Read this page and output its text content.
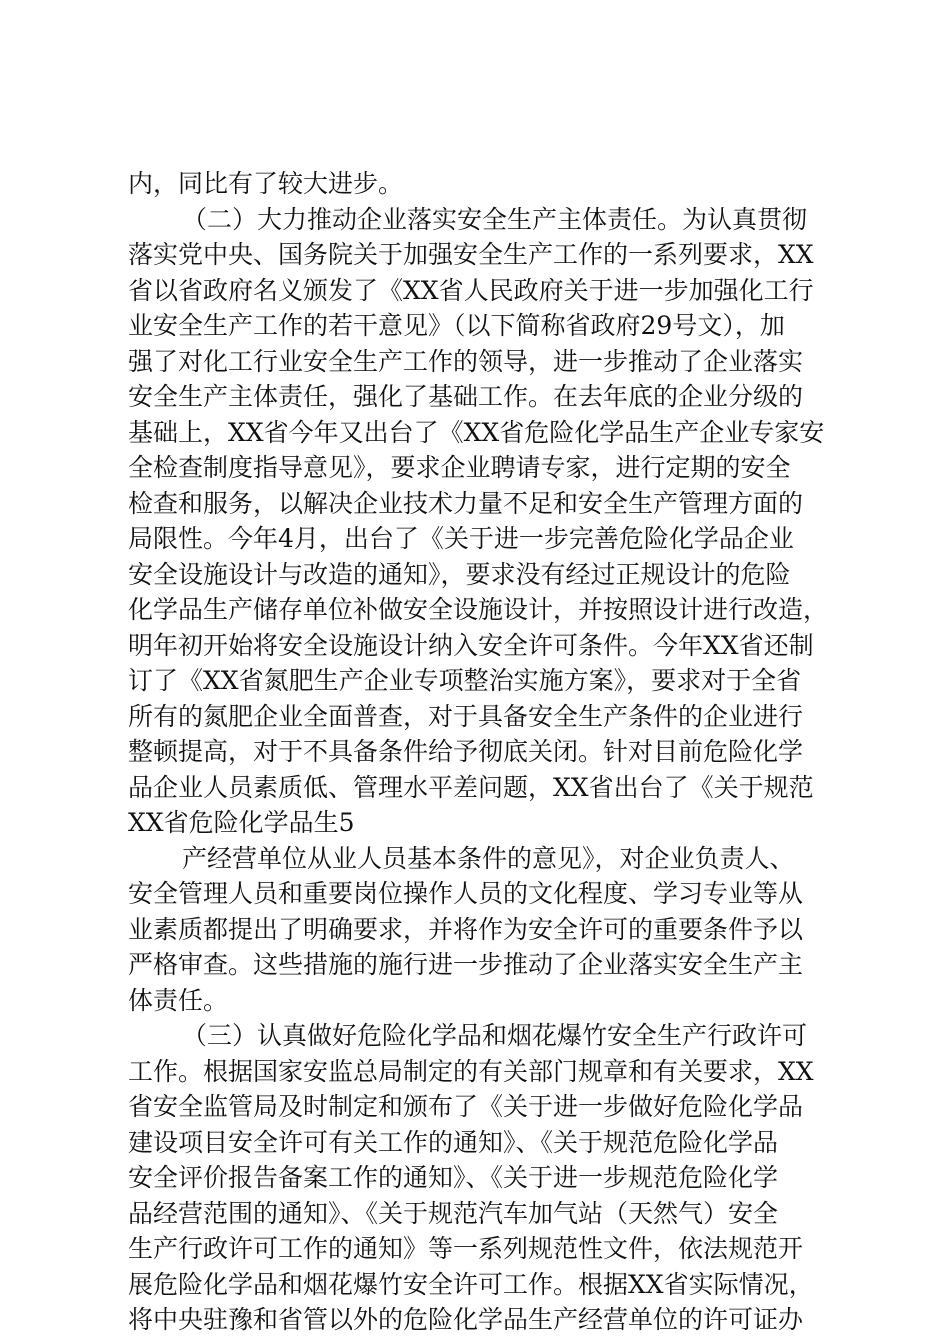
内，同比有了较大进步。
（二）大力推动企业落实安全生产主体责任。为认真贯彻
落实党中央、国务院关于加强安全生产工作的一系列要求，XX
省以省政府名义颁发了《XX省人民政府关于进一步加强化工行
业安全生产工作的若干意见》（以下简称省政府29号文），加
强了对化工行业安全生产工作的领导，进一步推动了企业落实
安全生产主体责任，强化了基础工作。在去年底的企业分级的
基础上，XX省今年又出台了《XX省危险化学品生产企业专家安
全检查制度指导意见》，要求企业聘请专家，进行定期的安全
检查和服务，以解决企业技术力量不足和安全生产管理方面的
局限性。今年4月，出台了《关于进一步完善危险化学品企业
安全设施设计与改造的通知》，要求没有经过正规设计的危险
化学品生产储存单位补做安全设施设计，并按照设计进行改造，
明年初开始将安全设施设计纳入安全许可条件。今年XX省还制
订了《XX省氮肥生产企业专项整治实施方案》，要求对于全省
所有的氮肥企业全面普查，对于具备安全生产条件的企业进行
整顿提高，对于不具备条件给予彻底关闭。针对目前危险化学
品企业人员素质低、管理水平差问题，XX省出台了《关于规范
XX省危险化学品生5
产经营单位从业人员基本条件的意见》，对企业负责人、
安全管理人员和重要岗位操作人员的文化程度、学习专业等从
业素质都提出了明确要求，并将作为安全许可的重要条件予以
严格审查。这些措施的施行进一步推动了企业落实安全生产主
体责任。
（三）认真做好危险化学品和烟花爆竹安全生产行政许可
工作。根据国家安监总局制定的有关部门规章和有关要求，XX
省安全监管局及时制定和颁布了《关于进一步做好危险化学品
建设项目安全许可有关工作的通知》、《关于规范危险化学品
安全评价报告备案工作的通知》、《关于进一步规范危险化学
品经营范围的通知》、《关于规范汽车加气站（天然气）安全
生产行政许可工作的通知》等一系列规范性文件，依法规范开
展危险化学品和烟花爆竹安全许可工作。根据XX省实际情况，
将中央驻豫和省管以外的危险化学品生产经营单位的许可证办
